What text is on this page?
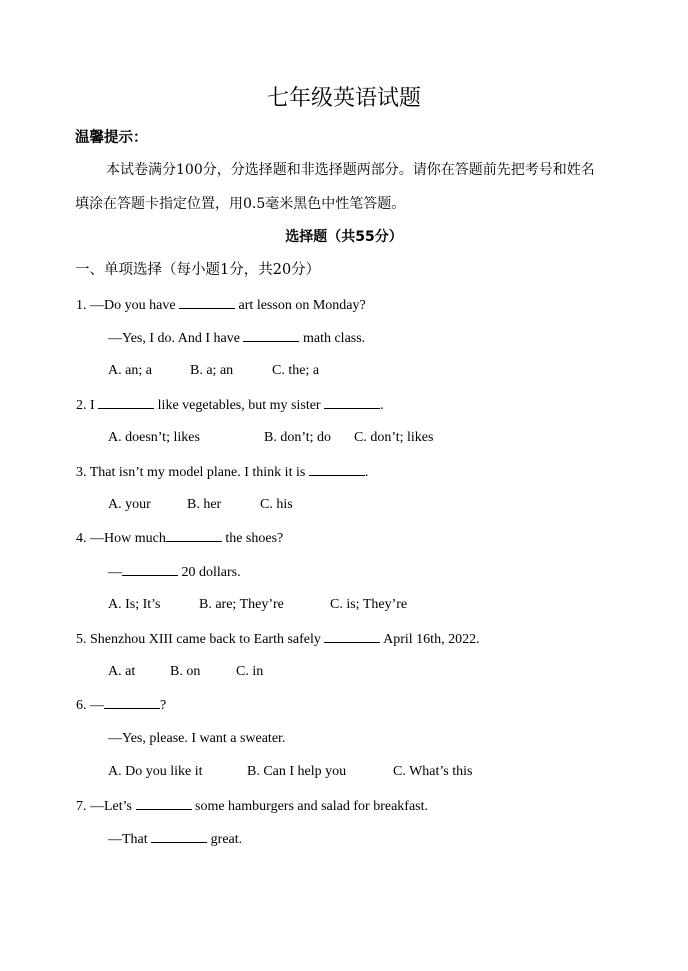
七年级英语试题
温馨提示：
本试卷满分100分，分选择题和非选择题两部分。请你在答题前先把考号和姓名
填涂在答题卡指定位置，用0.5毫米黑色中性笔答题。
选择题（共55分）
一、单项选择（每小题1分，共20分）
1. —Do you have	art lesson on Monday?
—Yes, I do. And I have	math class.
A. an; a	B. a; an	C. the; a
2. I	like vegetables, but my sister	.
A. doesn’t; likes	B. don’t; do C. don’t; likes
3. That isn’t my model plane. I think it is	.
A. your	B. her	C. his
4. —How much	the shoes?
—	20 dollars.
A. Is; It’s	B. are; They’re	C. is; They’re
5. Shenzhou XIII came back to Earth safely	April 16th, 2022.
A. at B. on	C. in
6. —	?
—Yes, please. I want a sweater.
A. Do you like it	B. Can I help you	C. What’s this
7. —Let’s	some hamburgers and salad for breakfast.
—That	great.
